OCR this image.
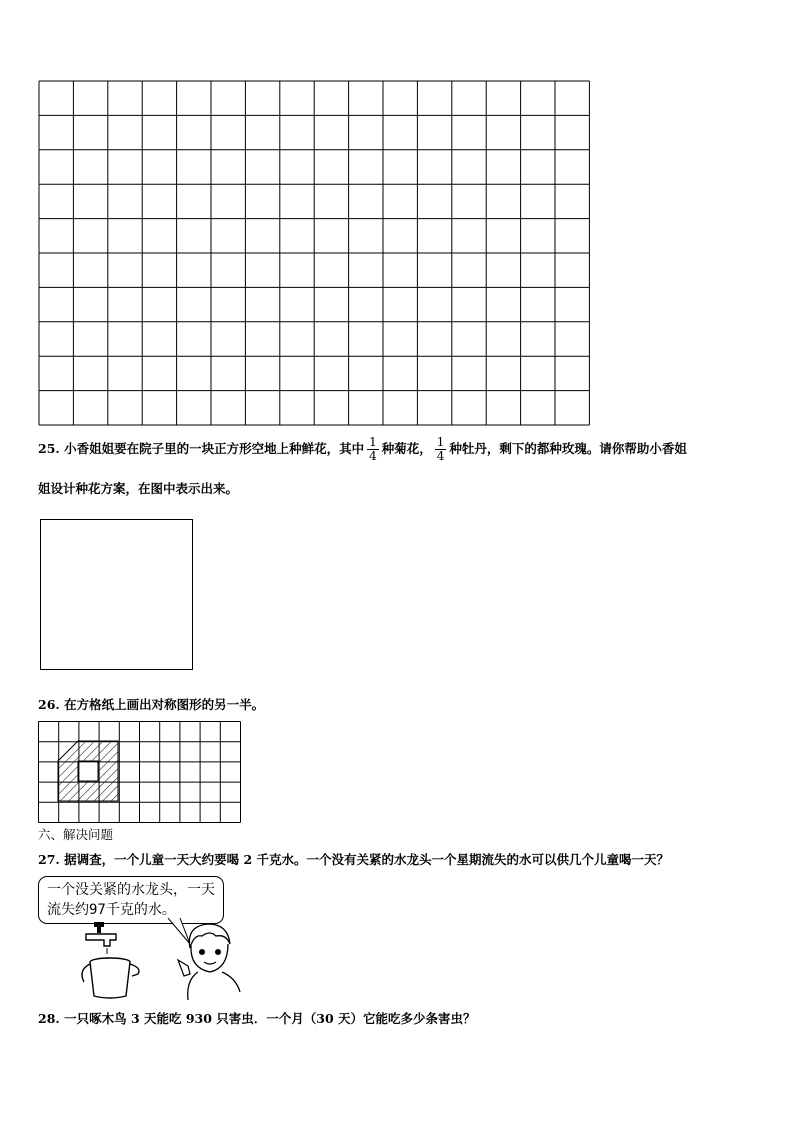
25. 小香姐姐要在院子里的一块正方形空地上种鲜花，其中 $\frac{1}{4}$ 种菊花， $\frac{1}{4}$ 种牡丹，剩下的都种玫瑰。请你帮助小香姐
姐设计种花方案，在图中表示出来。
26. 在方格纸上画出对称图形的另一半。
六、解决问题
27. 据调查，一个儿童一天大约要喝 2 千克水。一个没有关紧的水龙头一个星期流失的水可以供几个儿童喝一天？
一个没关紧的水龙头，一天
流失约97千克的水。
28. 一只啄木鸟 3 天能吃 930 只害虫．一个月（30 天）它能吃多少条害虫？
